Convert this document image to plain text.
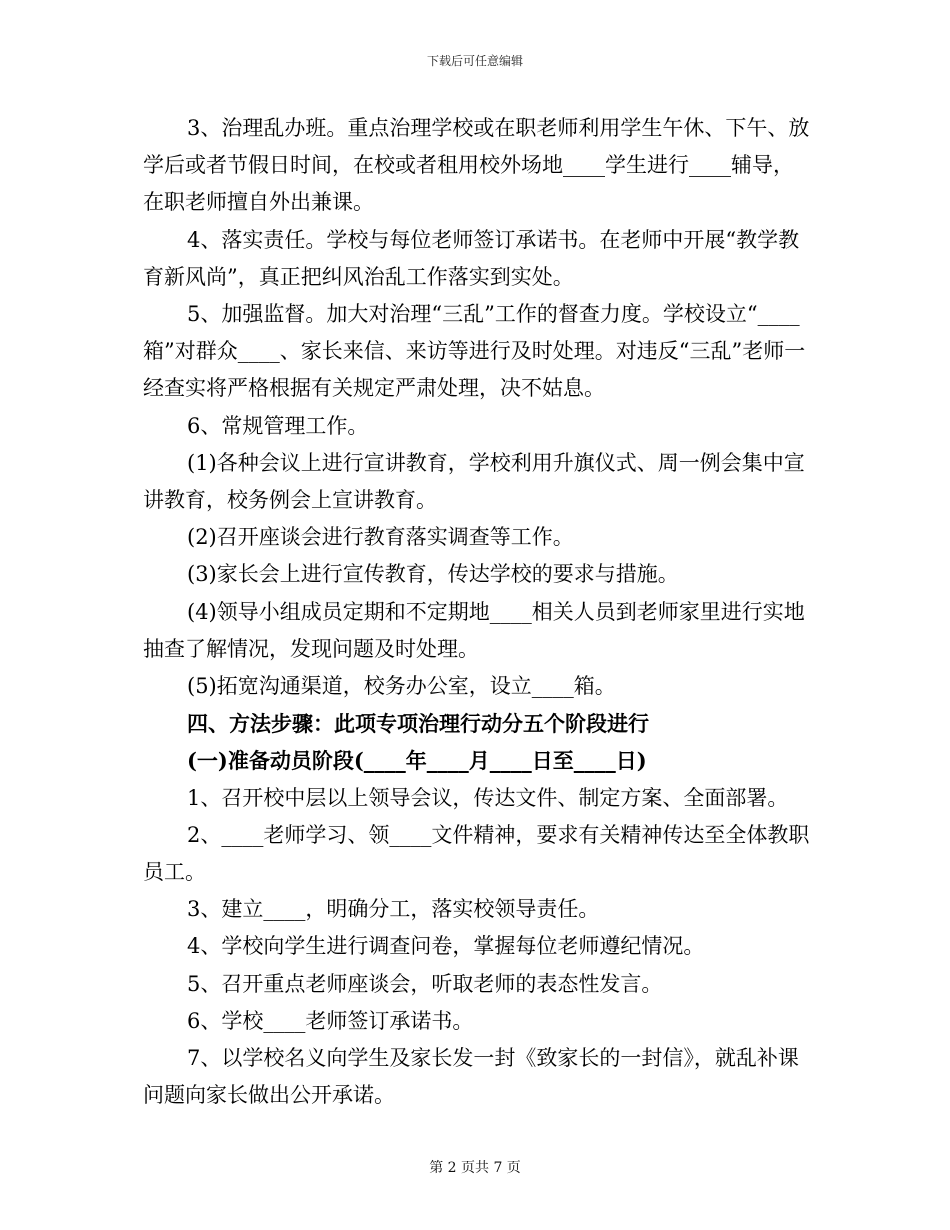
下载后可任意编辑

3、治理乱办班。重点治理学校或在职老师利用学生午休、下午、放学后或者节假日时间，在校或者租用校外场地____学生进行____辅导，在职老师擅自外出兼课。

4、落实责任。学校与每位老师签订承诺书。在老师中开展“教学教育新风尚”，真正把纠风治乱工作落实到实处。

5、加强监督。加大对治理“三乱”工作的督查力度。学校设立“____箱”对群众____、家长来信、来访等进行及时处理。对违反“三乱”老师一经查实将严格根据有关规定严肃处理，决不姑息。

6、常规管理工作。

(1)各种会议上进行宣讲教育，学校利用升旗仪式、周一例会集中宣讲教育，校务例会上宣讲教育。

(2)召开座谈会进行教育落实调查等工作。

(3)家长会上进行宣传教育，传达学校的要求与措施。

(4)领导小组成员定期和不定期地____相关人员到老师家里进行实地抽查了解情况，发现问题及时处理。

(5)拓宽沟通渠道，校务办公室，设立____箱。

四、方法步骤：此项专项治理行动分五个阶段进行

(一)准备动员阶段(____年____月____日至____日)

1、召开校中层以上领导会议，传达文件、制定方案、全面部署。

2、____老师学习、领____文件精神，要求有关精神传达至全体教职员工。

3、建立____，明确分工，落实校领导责任。

4、学校向学生进行调查问卷，掌握每位老师遵纪情况。

5、召开重点老师座谈会，听取老师的表态性发言。

6、学校____老师签订承诺书。

7、以学校名义向学生及家长发一封《致家长的一封信》，就乱补课问题向家长做出公开承诺。

第 2 页共 7 页
